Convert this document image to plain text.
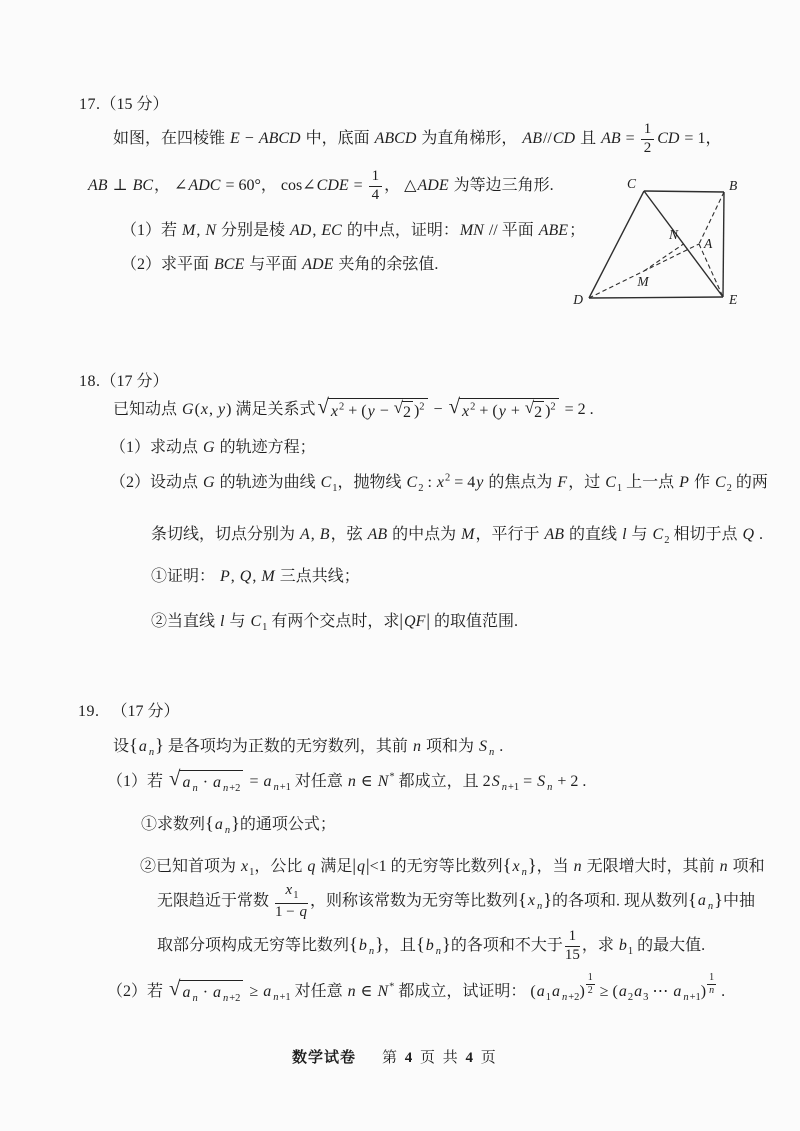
17.（15 分）
如图，在四棱锥 E − ABCD 中，底面 ABCD 为直角梯形， AB//CD 且 AB = $\frac{1}{2}$ CD = 1，
AB ⊥ BC， ∠ADC = 60°， cos∠CDE = $\frac{1}{4}$ ， △ADE 为等边三角形.
（1）若 M, N 分别是棱 AD, EC 的中点，证明：MN // 平面 ABE；
（2）求平面 BCE 与平面 ADE 夹角的余弦值.
C	B
D	E
A
N
M
18.（17 分）
已知动点 G(x, y) 满足关系式 √ $x^2 + (y$ − √ 2 )$^2$ − √ $x^2 + (y$ + √ 2 )$^2$ = 2 .
（1）求动点 G 的轨迹方程；
（2）设动点 G 的轨迹为曲线 $C_1$，抛物线 $C_2$ : $x^2 = 4y$ 的焦点为 F，过 $C_1$ 上一点 P 作 $C_2$ 的两
条切线，切点分别为 A, B，弦 AB 的中点为 M，平行于 AB 的直线 l 与 $C_2$ 相切于点 Q .
①证明： P, Q, M 三点共线；
②当直线 l 与 $C_1$ 有两个交点时，求|QF| 的取值范围.
19. （17 分）
设{a $_n$} 是各项均为正数的无穷数列，其前 n 项和为 S $_n$ .
（1）若 √ a $_n$ · a $_{n+2}$ = a $_{n+1}$ 对任意 n ∈ N* 都成立，且 2S $_{n+1}$ = S $_n$ + 2 .
①求数列{a $_n$}的通项公式；
②已知首项为 $x_1$，公比 q 满足|q|<1 的无穷等比数列{x $_n$}，当 n 无限增大时，其前 n 项和
无限趋近于常数 $\frac{x_1}{1 - q}$ ，则称该常数为无穷等比数列{x $_n$}的各项和. 现从数列{a $_n$}中抽
取部分项构成无穷等比数列{b $_n$}，且{b $_n$}的各项和不大于 $\frac{1}{15}$ ，求 $b_1$ 的最大值.
（2）若 √ a $_n$ · a $_{n+2}$ ≥ a $_{n+1}$ 对任意 n ∈ N* 都成立，试证明： ($a_1a$ $_{n+2}$) $^{\frac{1}{2}} \ge (a_2a_3$ ⋯ a $_{n+1}$) $^{\frac{1}{n}}$ .
数学试卷 第 4 页 共 4 页
